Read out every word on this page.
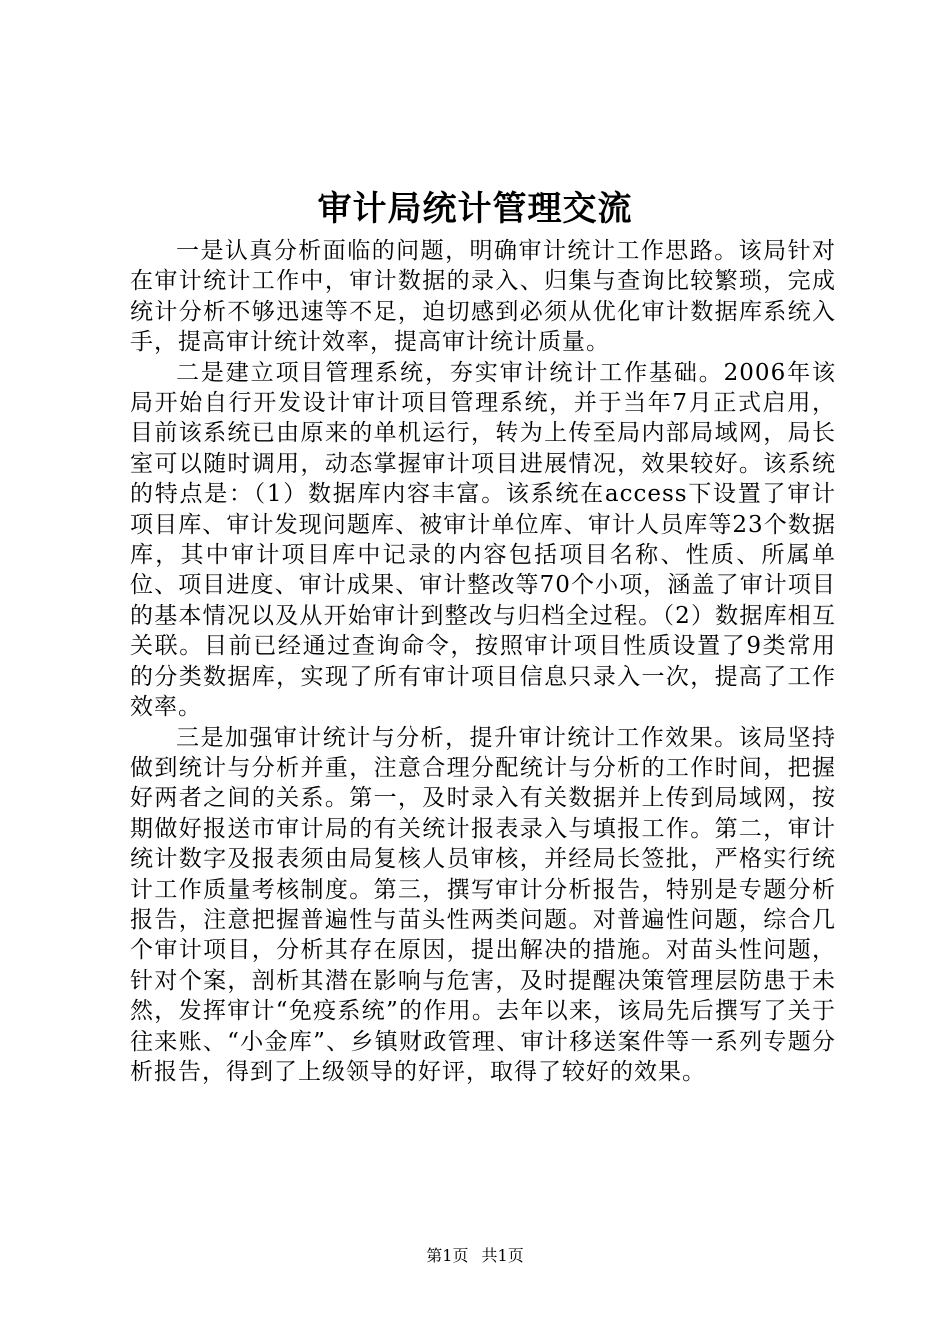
审计局统计管理交流

一是认真分析面临的问题，明确审计统计工作思路。该局针对在审计统计工作中，审计数据的录入、归集与查询比较繁琐，完成统计分析不够迅速等不足，迫切感到必须从优化审计数据库系统入手，提高审计统计效率，提高审计统计质量。

二是建立项目管理系统，夯实审计统计工作基础。2006年该局开始自行开发设计审计项目管理系统，并于当年7月正式启用，目前该系统已由原来的单机运行，转为上传至局内部局域网，局长室可以随时调用，动态掌握审计项目进展情况，效果较好。该系统的特点是：（1）数据库内容丰富。该系统在access下设置了审计项目库、审计发现问题库、被审计单位库、审计人员库等23个数据库，其中审计项目库中记录的内容包括项目名称、性质、所属单位、项目进度、审计成果、审计整改等70个小项，涵盖了审计项目的基本情况以及从开始审计到整改与归档全过程。（2）数据库相互关联。目前已经通过查询命令，按照审计项目性质设置了9类常用的分类数据库，实现了所有审计项目信息只录入一次，提高了工作效率。

三是加强审计统计与分析，提升审计统计工作效果。该局坚持做到统计与分析并重，注意合理分配统计与分析的工作时间，把握好两者之间的关系。第一，及时录入有关数据并上传到局域网，按期做好报送市审计局的有关统计报表录入与填报工作。第二，审计统计数字及报表须由局复核人员审核，并经局长签批，严格实行统计工作质量考核制度。第三，撰写审计分析报告，特别是专题分析报告，注意把握普遍性与苗头性两类问题。对普遍性问题，综合几个审计项目，分析其存在原因，提出解决的措施。对苗头性问题，针对个案，剖析其潜在影响与危害，及时提醒决策管理层防患于未然，发挥审计“免疫系统”的作用。去年以来，该局先后撰写了关于往来账、“小金库”、乡镇财政管理、审计移送案件等一系列专题分析报告，得到了上级领导的好评，取得了较好的效果。

第1页 共1页
